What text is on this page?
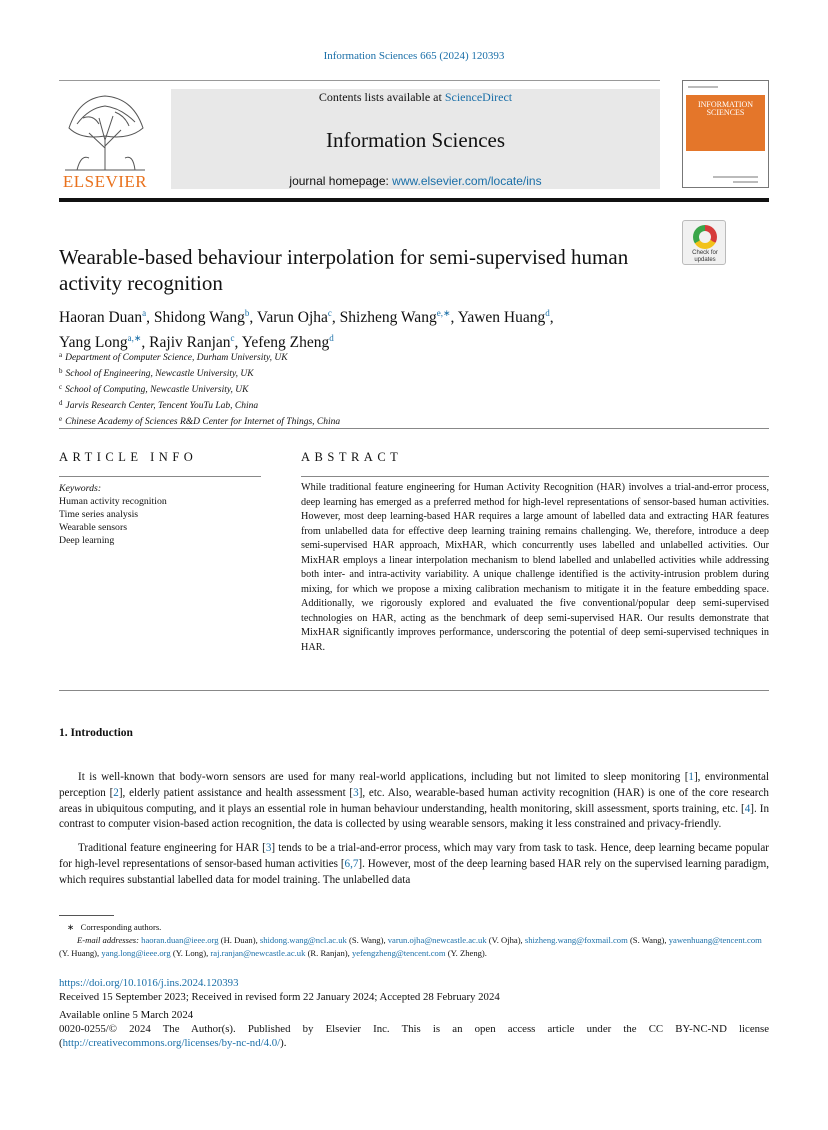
Information Sciences 665 (2024) 120393
ELSEVIER
Contents lists available at ScienceDirect
Information Sciences
journal homepage: www.elsevier.com/locate/ins
INFORMATION SCIENCES
Check for updates
Wearable-based behaviour interpolation for semi-supervised human activity recognition
Haoran Duan$^a$, Shidong Wang$^b$, Varun Ojha$^c$, Shizheng Wang$^{e,∗}$, Yawen Huang$^d$,
Yang Long$^{a,∗}$, Rajiv Ranjan$^c$, Yefeng Zheng$^d$
$^a$ Department of Computer Science, Durham University, UK
$^b$ School of Engineering, Newcastle University, UK
$^c$ School of Computing, Newcastle University, UK
$^d$ Jarvis Research Center, Tencent YouTu Lab, China
$^e$ Chinese Academy of Sciences R&D Center for Internet of Things, China
ARTICLE INFO
Keywords:
Human activity recognition
Time series analysis
Wearable sensors
Deep learning
ABSTRACT
While traditional feature engineering for Human Activity Recognition (HAR) involves a trial-and-error process, deep learning has emerged as a preferred method for high-level representations of sensor-based human activities. However, most deep learning-based HAR requires a large amount of labelled data and extracting HAR features from unlabelled data for effective deep learning training remains challenging. We, therefore, introduce a deep semi-supervised HAR approach, MixHAR, which concurrently uses labelled and unlabelled activities. Our MixHAR employs a linear interpolation mechanism to blend labelled and unlabelled activities while addressing both inter- and intra-activity variability. A unique challenge identified is the activity-intrusion problem during mixing, for which we propose a mixing calibration mechanism to mitigate it in the feature embedding space. Additionally, we rigorously explored and evaluated the five conventional/popular deep semi-supervised technologies on HAR, acting as the benchmark of deep semi-supervised HAR. Our results demonstrate that MixHAR significantly improves performance, underscoring the potential of deep semi-supervised techniques in HAR.
1. Introduction
It is well-known that body-worn sensors are used for many real-world applications, including but not limited to sleep monitoring [1], environmental perception [2], elderly patient assistance and health assessment [3], etc. Also, wearable-based human activity recognition (HAR) is one of the core research areas in ubiquitous computing, and it plays an essential role in human behaviour understanding, health monitoring, skill assessment, sports training, etc. [4]. In contrast to computer vision-based action recognition, the data is collected by using wearable sensors, making it less constrained and privacy-friendly.
Traditional feature engineering for HAR [3] tends to be a trial-and-error process, which may vary from task to task. Hence, deep learning became popular for high-level representations of sensor-based human activities [6,7]. However, most of the deep learning based HAR rely on the supervised learning paradigm, which requires substantial labelled data for model training. The unlabelled data
∗   Corresponding authors.
E-mail addresses: haoran.duan@ieee.org (H. Duan), shidong.wang@ncl.ac.uk (S. Wang), varun.ojha@newcastle.ac.uk (V. Ojha), shizheng.wang@foxmail.com (S. Wang), yawenhuang@tencent.com (Y. Huang), yang.long@ieee.org (Y. Long), raj.ranjan@newcastle.ac.uk (R. Ranjan), yefengzheng@tencent.com (Y. Zheng).
https://doi.org/10.1016/j.ins.2024.120393
Received 15 September 2023; Received in revised form 22 January 2024; Accepted 28 February 2024
Available online 5 March 2024
0020-0255/© 2024 The Author(s). Published by Elsevier Inc. This is an open access article under the CC BY-NC-ND license (http://creativecommons.org/licenses/by-nc-nd/4.0/).
